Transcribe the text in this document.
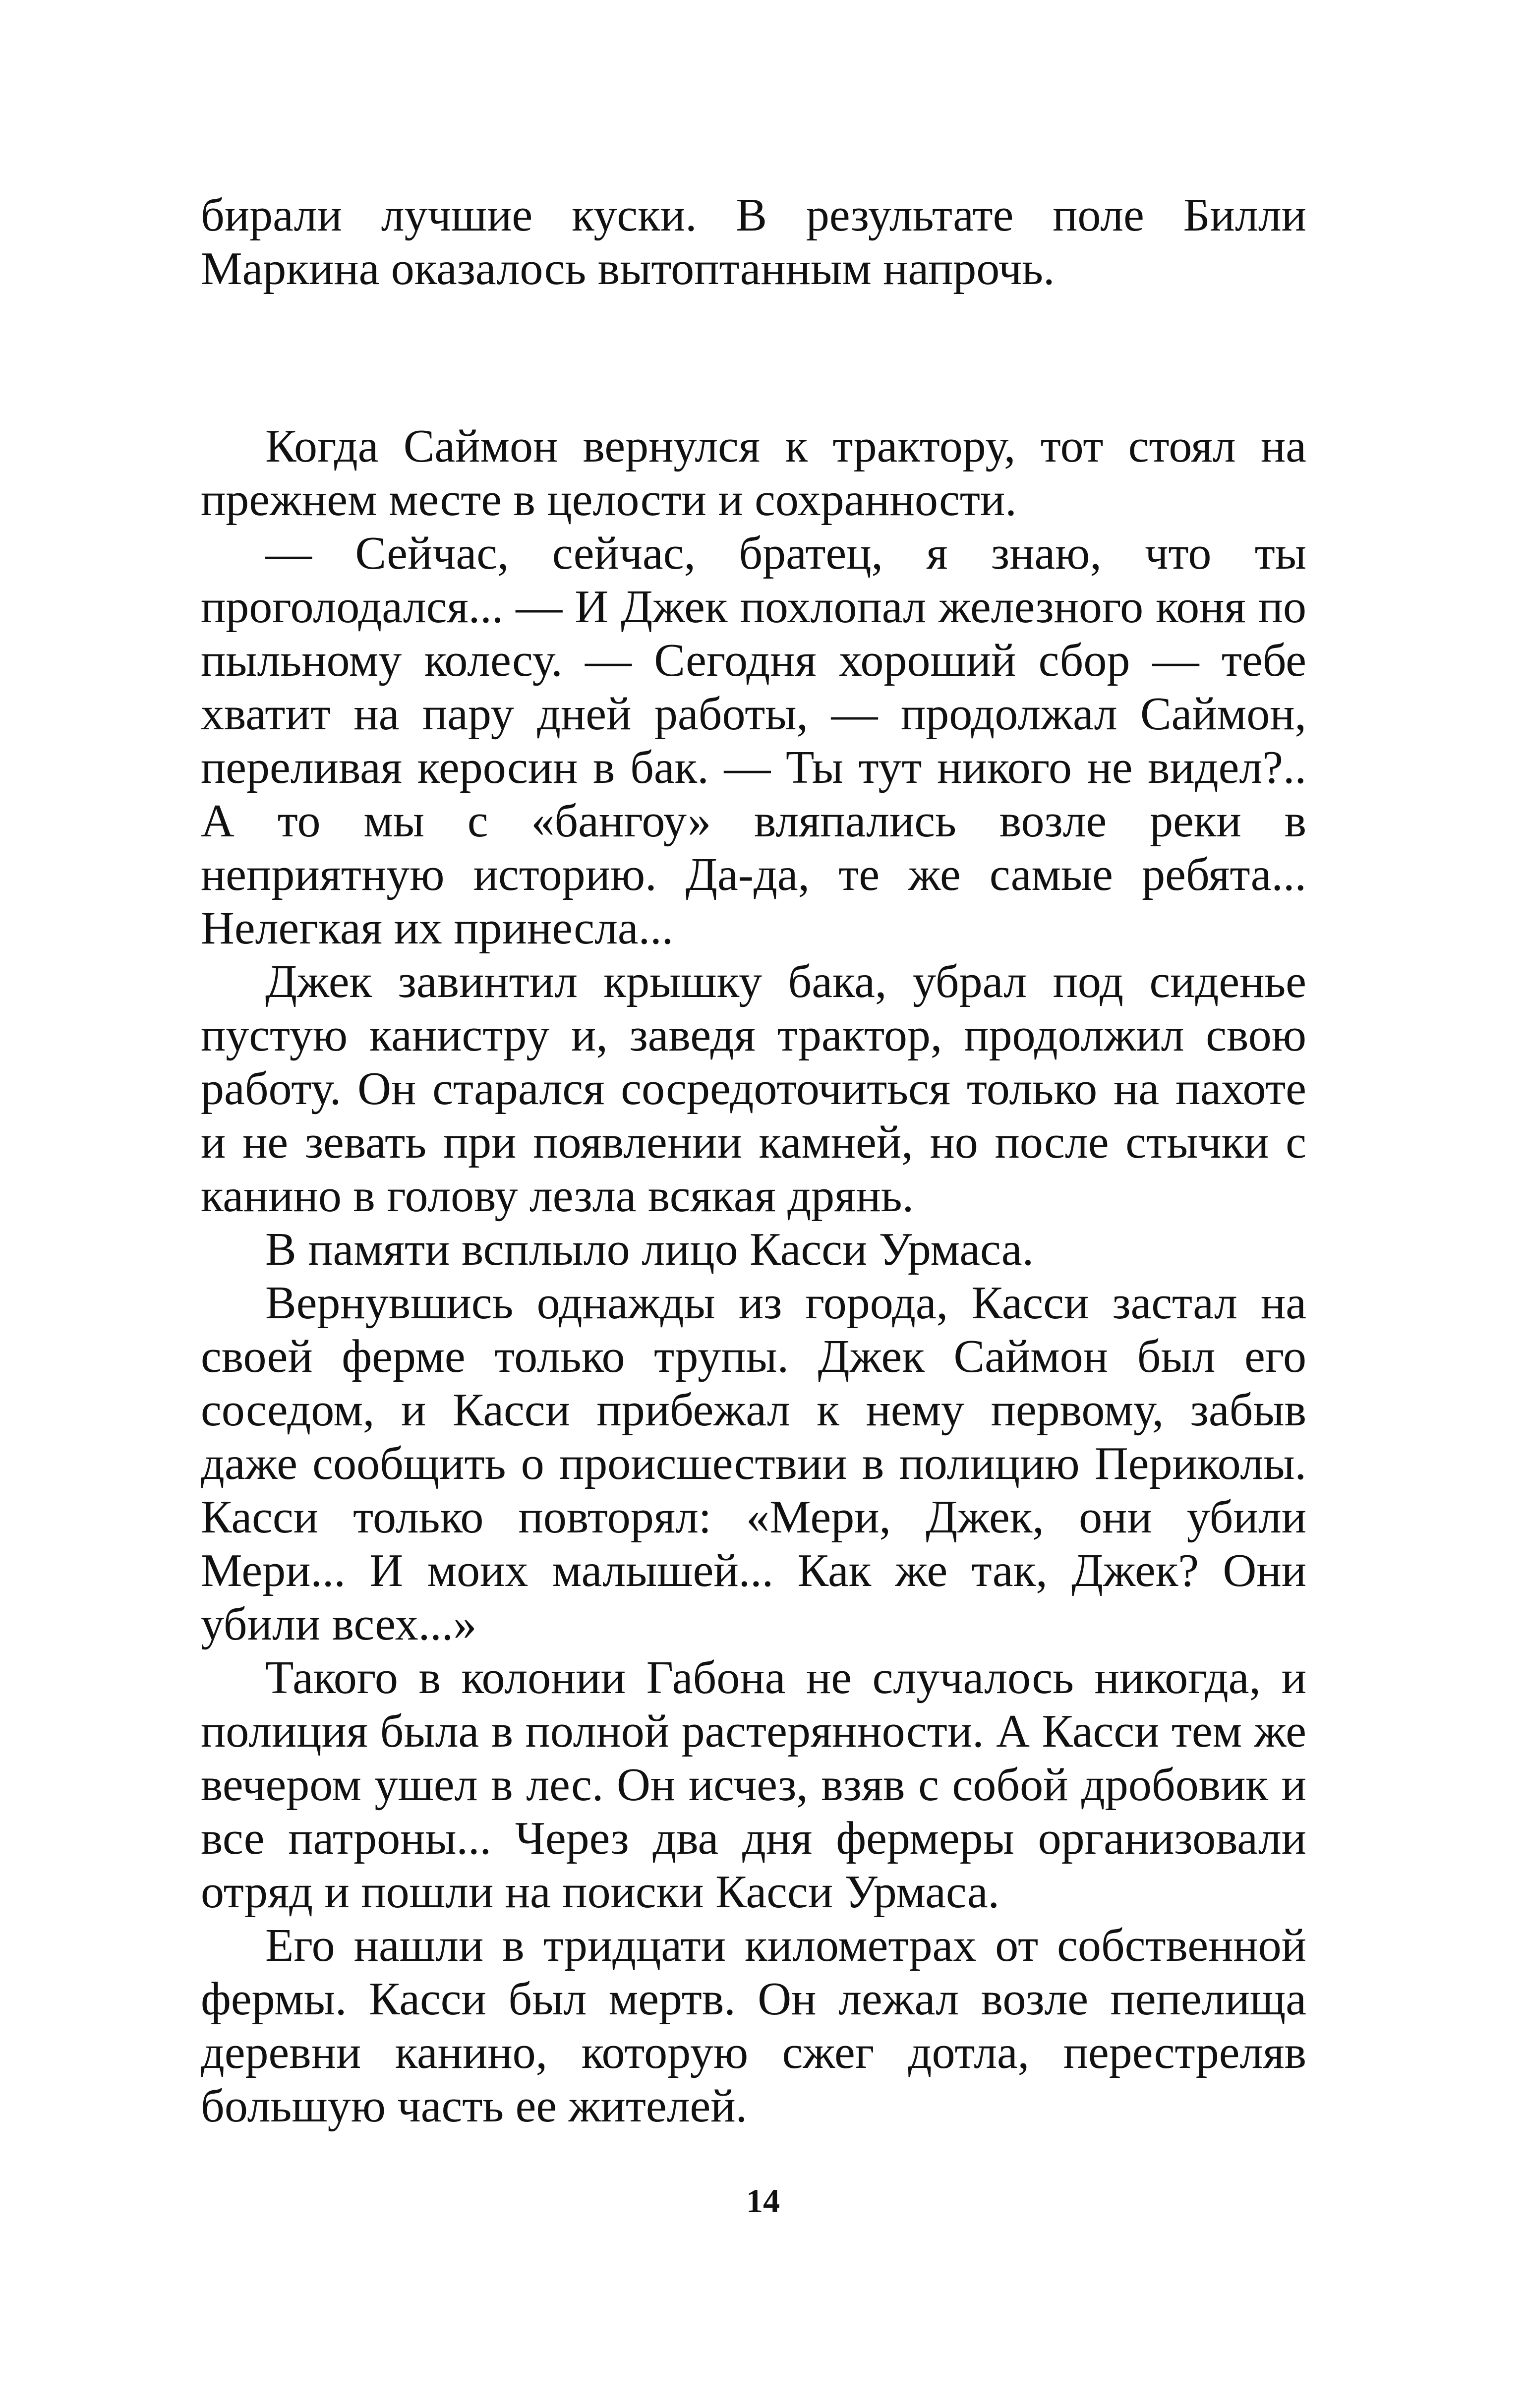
бирали лучшие куски. В результате поле Билли Маркина оказалось вытоптанным напрочь.

Когда Саймон вернулся к трактору, тот стоял на прежнем месте в целости и сохранности.

— Сейчас, сейчас, братец, я знаю, что ты проголодался... — И Джек похлопал железного коня по пыльному колесу. — Сегодня хороший сбор — тебе хватит на пару дней работы, — продолжал Саймон, переливая керосин в бак. — Ты тут никого не видел?.. А то мы с «бангоу» вляпались возле реки в неприятную историю. Да-да, те же самые ребята... Нелегкая их принесла...

Джек завинтил крышку бака, убрал под сиденье пустую канистру и, заведя трактор, продолжил свою работу. Он старался сосредоточиться только на пахоте и не зевать при появлении камней, но после стычки с канино в голову лезла всякая дрянь.

В памяти всплыло лицо Касси Урмаса.

Вернувшись однажды из города, Касси застал на своей ферме только трупы. Джек Саймон был его соседом, и Касси прибежал к нему первому, забыв даже сообщить о происшествии в полицию Периколы. Касси только повторял: «Мери, Джек, они убили Мери... И моих малышей... Как же так, Джек? Они убили всех...»

Такого в колонии Габона не случалось никогда, и полиция была в полной растерянности. А Касси тем же вечером ушел в лес. Он исчез, взяв с собой дробовик и все патроны... Через два дня фермеры организовали отряд и пошли на поиски Касси Урмаса.

Его нашли в тридцати километрах от собственной фермы. Касси был мертв. Он лежал возле пепелища деревни канино, которую сжег дотла, перестреляв большую часть ее жителей.

14
